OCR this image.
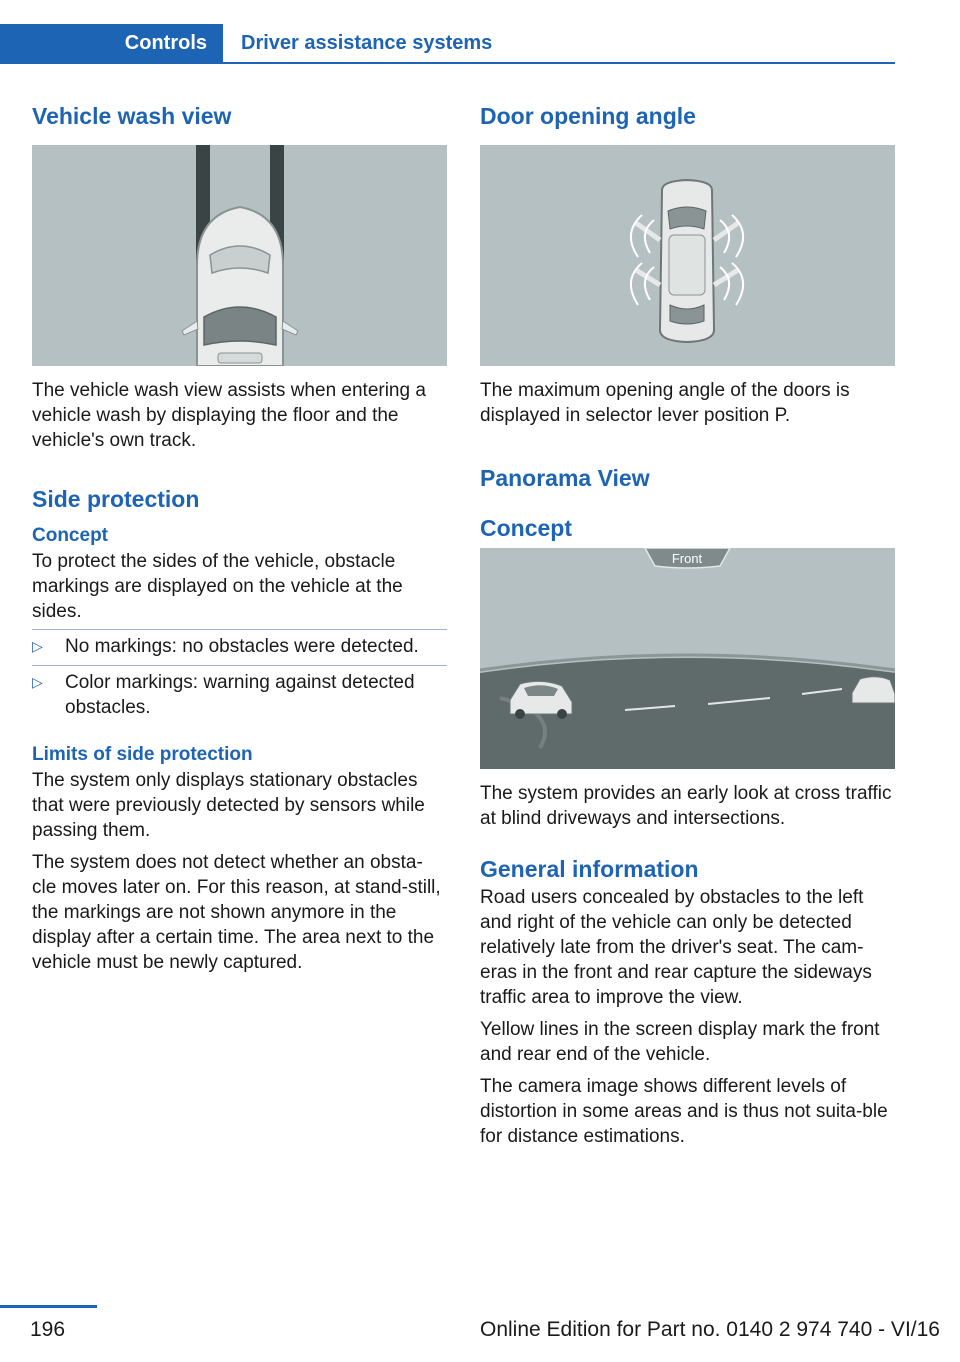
Controls	Driver assistance systems
Vehicle wash view

The vehicle wash view assists when entering a vehicle wash by displaying the floor and the vehicle's own track.

Side protection
Concept

To protect the sides of the vehicle, obstacle markings are displayed on the vehicle at the sides.

▷	No markings: no obstacles were detected.
▷	Color markings: warning against detected obstacles.
Limits of side protection

The system only displays stationary obstacles that were previously detected by sensors while passing them.

The system does not detect whether an obsta‐cle moves later on. For this reason, at stand‐still, the markings are not shown anymore in the display after a certain time. The area next to the vehicle must be newly captured.

Door opening angle

The maximum opening angle of the doors is displayed in selector lever position P.

Panorama View
Concept
Front

The system provides an early look at cross traffic at blind driveways and intersections.

General information

Road users concealed by obstacles to the left and right of the vehicle can only be detected relatively late from the driver's seat. The cam‐eras in the front and rear capture the sideways traffic area to improve the view.

Yellow lines in the screen display mark the front and rear end of the vehicle.

The camera image shows different levels of distortion in some areas and is thus not suita‐ble for distance estimations.

196	Online Edition for Part no. 0140 2 974 740 - VI/16
